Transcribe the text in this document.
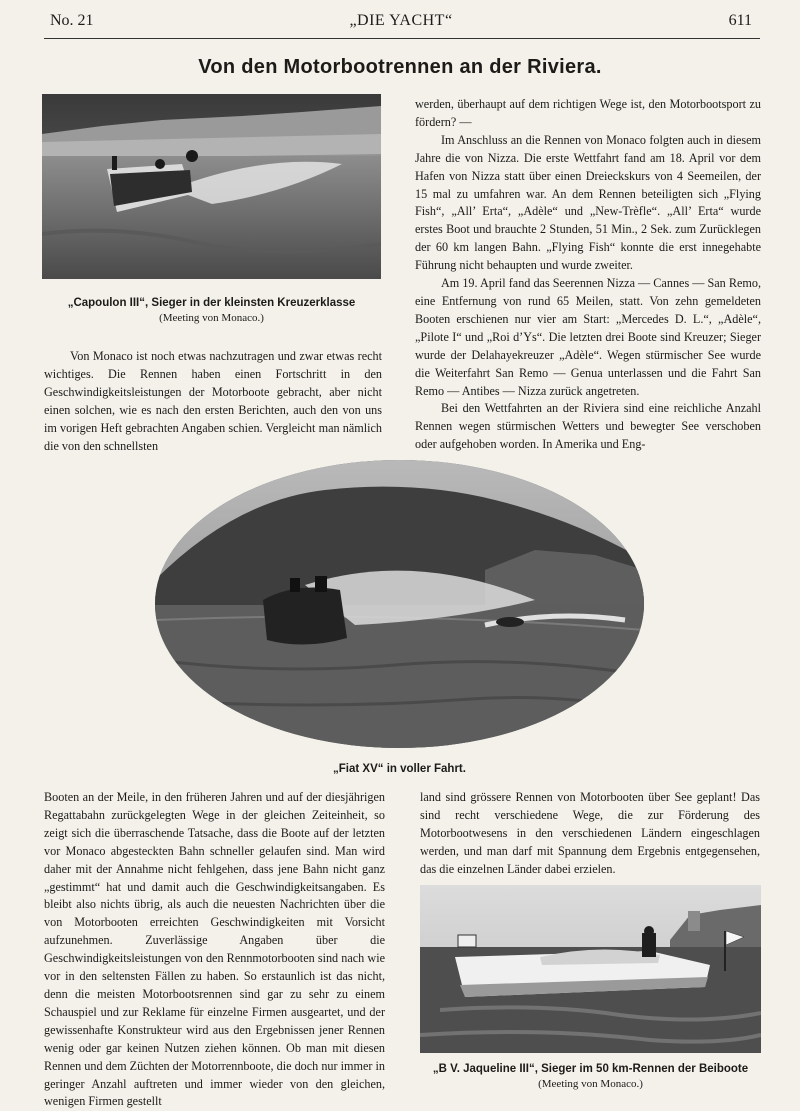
No. 21	„DIE YACHT“	611
Von den Motorbootrennen an der Riviera.
„Capoulon III“, Sieger in der kleinsten Kreuzerklasse
(Meeting von Monaco.)

Von Monaco ist noch etwas nachzutragen und zwar etwas recht wichtiges. Die Rennen haben einen Fortschritt in den Geschwindigkeitsleistungen der Motorboote gebracht, aber nicht einen solchen, wie es nach den ersten Berichten, auch den von uns im vorigen Heft gebrachten Angaben schien. Vergleicht man nämlich die von den schnellsten

werden, überhaupt auf dem richtigen Wege ist, den Motorbootsport zu fördern? —

Im Anschluss an die Rennen von Monaco folgten auch in diesem Jahre die von Nizza. Die erste Wettfahrt fand am 18. April vor dem Hafen von Nizza statt über einen Dreieckskurs von 4 Seemeilen, der 15 mal zu umfahren war. An dem Rennen beteiligten sich „Flying Fish“, „All’ Erta“, „Adèle“ und „New-Trèfle“. „All’ Erta“ wurde erstes Boot und brauchte 2 Stunden, 51 Min., 2 Sek. zum Zurücklegen der 60 km langen Bahn. „Flying Fish“ konnte die erst innegehabte Führung nicht behaupten und wurde zweiter.

Am 19. April fand das Seerennen Nizza — Cannes — San Remo, eine Entfernung von rund 65 Meilen, statt. Von zehn gemeldeten Booten erschienen nur vier am Start: „Mercedes D. L.“, „Adèle“, „Pilote I“ und „Roi d’Ys“. Die letzten drei Boote sind Kreuzer; Sieger wurde der Delahayekreuzer „Adèle“. Wegen stürmischer See wurde die Weiterfahrt San Remo — Genua unterlassen und die Fahrt San Remo — Antibes — Nizza zurück angetreten.

Bei den Wettfahrten an der Riviera sind eine reichliche Anzahl Rennen wegen stürmischen Wetters und bewegter See verschoben oder aufgehoben worden. In Amerika und Eng-

„Fiat XV“ in voller Fahrt.

Booten an der Meile, in den früheren Jahren und auf der diesjährigen Regattabahn zurückgelegten Wege in der gleichen Zeiteinheit, so zeigt sich die überraschende Tatsache, dass die Boote auf der letzten vor Monaco abgesteckten Bahn schneller gelaufen sind. Man wird daher mit der Annahme nicht fehlgehen, dass jene Bahn nicht ganz „gestimmt“ hat und damit auch die Geschwindigkeitsangaben. Es bleibt also nichts übrig, als auch die neuesten Nachrichten über die von Motorbooten erreichten Geschwindigkeiten mit Vorsicht aufzunehmen. Zuverlässige Angaben über die Geschwindigkeitsleistungen von den Rennmotorbooten sind nach wie vor in den seltensten Fällen zu haben. So erstaunlich ist das nicht, denn die meisten Motorbootsrennen sind gar zu sehr zu einem Schauspiel und zur Reklame für einzelne Firmen ausgeartet, und der gewissenhafte Konstrukteur wird aus den Ergebnissen jener Rennen wenig oder gar keinen Nutzen ziehen können. Ob man mit diesen Rennen und dem Züchten der Motorrennboote, die doch nur immer in geringer Anzahl auftreten und immer wieder von den gleichen, wenigen Firmen gestellt

land sind grössere Rennen von Motorbooten über See geplant! Das sind recht verschiedene Wege, die zur Förderung des Motorbootwesens in den verschiedenen Ländern eingeschlagen werden, und man darf mit Spannung dem Ergebnis entgegensehen, das die einzelnen Länder dabei erzielen.

„B V. Jaqueline III“, Sieger im 50 km-Rennen der Beiboote
(Meeting von Monaco.)
